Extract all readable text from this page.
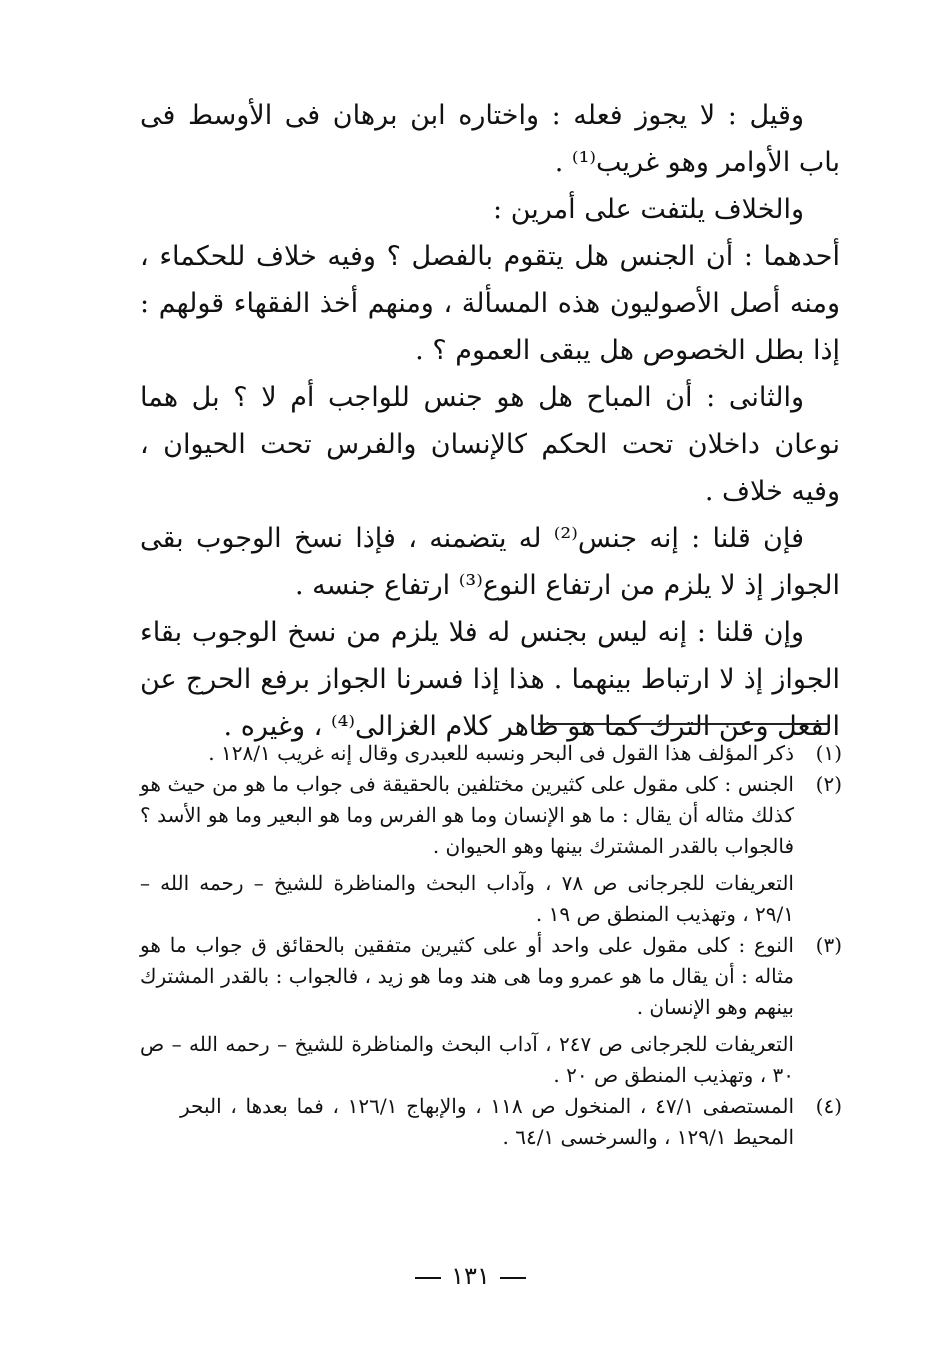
وقيل : لا يجوز فعله : واختاره ابن برهان فى الأوسط فى باب الأوامر وهو غريب⁽¹⁾ .

والخلاف يلتفت على أمرين :

أحدهما : أن الجنس هل يتقوم بالفصل ؟ وفيه خلاف للحكماء ، ومنه أصل الأصوليون هذه المسألة ، ومنهم أخذ الفقهاء قولهم : إذا بطل الخصوص هل يبقى العموم ؟ .

والثانى : أن المباح هل هو جنس للواجب أم لا ؟ بل هما نوعان داخلان تحت الحكم كالإنسان والفرس تحت الحيوان ، وفيه خلاف .

فإن قلنا : إنه جنس⁽²⁾ له يتضمنه ، فإذا نسخ الوجوب بقى الجواز إذ لا يلزم من ارتفاع النوع⁽³⁾ ارتفاع جنسه .

وإن قلنا : إنه ليس بجنس له فلا يلزم من نسخ الوجوب بقاء الجواز إذ لا ارتباط بينهما . هذا إذا فسرنا الجواز برفع الحرج عن الفعل وعن الترك كما هو ظاهر كلام الغزالى⁽⁴⁾ ، وغيره .

(١)
ذكر المؤلف هذا القول فى البحر ونسبه للعبدرى وقال إنه غريب ١٢٨/١ .
(٢)
الجنس : كلى مقول على كثيرين مختلفين بالحقيقة فى جواب ما هو من حيث هو كذلك مثاله أن يقال : ما هو الإنسان وما هو الفرس وما هو البعير وما هو الأسد ؟ فالجواب بالقدر المشترك بينها وهو الحيوان .
التعريفات للجرجانى ص ٧٨ ، وآداب البحث والمناظرة للشيخ – رحمه الله – ٢٩/١ ، وتهذيب المنطق ص ١٩ .
(٣)
النوع : كلى مقول على واحد أو على كثيرين متفقين بالحقائق ق جواب ما هو مثاله : أن يقال ما هو عمرو وما هى هند وما هو زيد ، فالجواب : بالقدر المشترك بينهم وهو الإنسان .
التعريفات للجرجانى ص ٢٤٧ ، آداب البحث والمناظرة للشيخ – رحمه الله – ص ٣٠ ، وتهذيب المنطق ص ٢٠ .
(٤)
المستصفى ٤٧/١ ، المنخول ص ١١٨ ، والإبهاج ١٢٦/١ ، فما بعدها ، البحر المحيط ١٢٩/١ ، والسرخسى ٦٤/١ .
١٣١
